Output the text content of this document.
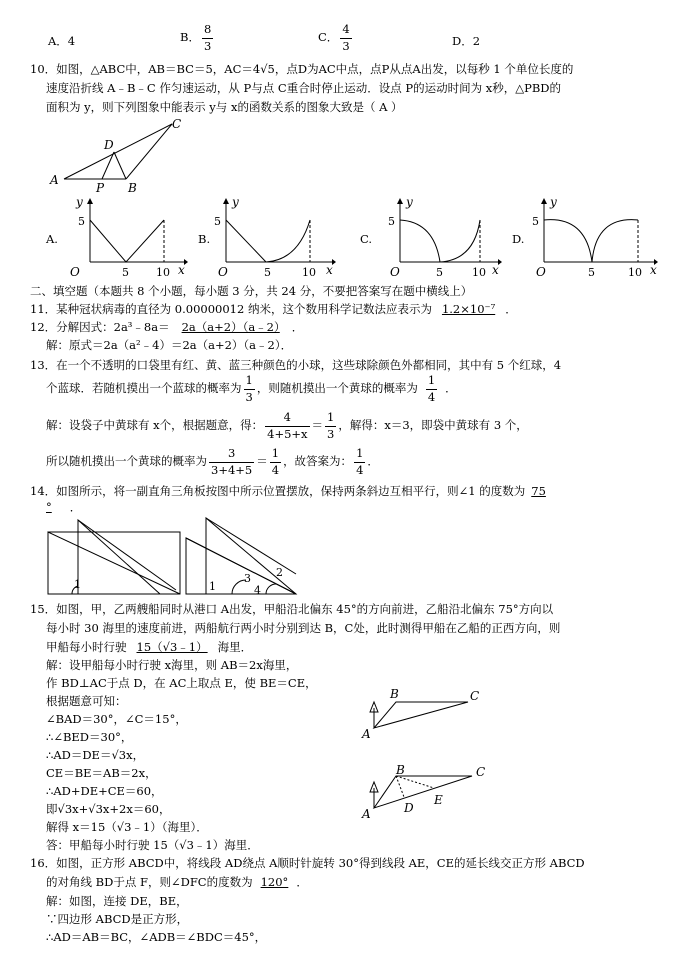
A．4	B． $\frac{8}{3}$	C． $\frac{4}{3}$	D．2
10．如图，△ABC中，AB＝BC＝5，AC＝4√5，点D为AC中点，点P从点A出发，以每秒 1 个单位长度的
速度沿折线 A﹣B﹣C 作匀速运动，从 P与点 C重合时停止运动．设点 P的运动时间为 x秒，△PBD的
面积为 y，则下列图象中能表示 y与 x的函数关系的图象大致是（ A ）
A
B
C
D
P
A.
y
5
O	5 10 x
B.
y
5
O	5	10 x
C.
y
5
O	5	10 x
D.
y
5
O	5	10 x
二、填空题（本题共 8 个小题，每小题 3 分，共 24 分，不要把答案写在题中横线上）
11．某种冠状病毒的直径为 0.00000012 纳米，这个数用科学记数法应表示为 1.2×10⁻⁷ ．
12．分解因式：2a³﹣8a＝ 2a（a+2）（a﹣2） ．
解：原式＝2a（a²﹣4）＝2a（a+2）（a﹣2）．
13．在一个不透明的口袋里有红、黄、蓝三种颜色的小球，这些球除颜色外都相同，其中有 5 个红球，4
个蓝球．若随机摸出一个蓝球的概率为 $\frac{1}{3}$ ，则随机摸出一个黄球的概率为 $\frac{1}{4}$ ．
解：设袋子中黄球有 x个，根据题意，得： $\frac{4}{4+5+x} = \frac{1}{3}$ ，解得：x＝3，即袋中黄球有 3 个，
所以随机摸出一个黄球的概率为 $\frac{3}{3+4+5} = \frac{1}{4}$ ，故答案为： $\frac{1}{4}$ ．
14．如图所示，将一副直角三角板按图中所示位置摆放，保持两条斜边互相平行，则∠1 的度数为 75
° ．
1	1
2
3
4
15．如图，甲，乙两艘船同时从港口 A出发，甲船沿北偏东 45°的方向前进，乙船沿北偏东 75°方向以
每小时 30 海里的速度前进，两船航行两小时分别到达 B，C处，此时测得甲船在乙船的正西方向，则
甲船每小时行驶 15（√3﹣1） 海里．
解：设甲船每小时行驶 x海里，则 AB＝2x海里，
作 BD⊥AC于点 D，在 AC上取点 E，使 BE＝CE，
根据题意可知：
∠BAD＝30°，∠C＝15°，
∴∠BED＝30°，
∴AD＝DE＝√3x，
CE＝BE＝AB＝2x，
∴AD+DE+CE＝60，
即√3x+√3x+2x＝60，
解得 x＝15（√3﹣1）（海里）．
答：甲船每小时行驶 15（√3﹣1）海里．
A
B	C
A
B	C
D
E
16．如图，正方形 ABCD中，将线段 AD绕点 A顺时针旋转 30°得到线段 AE，CE的延长线交正方形 ABCD
的对角线 BD于点 F，则∠DFC的度数为 120° ．
解：如图，连接 DE，BE，
∵四边形 ABCD是正方形，
∴AD＝AB＝BC，∠ADB＝∠BDC＝45°，
